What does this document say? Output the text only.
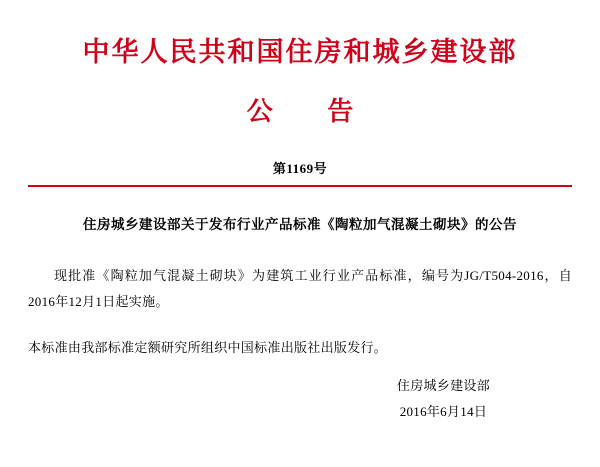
中华人民共和国住房和城乡建设部
公 告
第1169号
住房城乡建设部关于发布行业产品标准《陶粒加气混凝土砌块》的公告
现批准《陶粒加气混凝土砌块》为建筑工业行业产品标准，编号为JG/T504-2016，自2016年12月1日起实施。
本标准由我部标准定额研究所组织中国标准出版社出版发行。
住房城乡建设部
2016年6月14日
